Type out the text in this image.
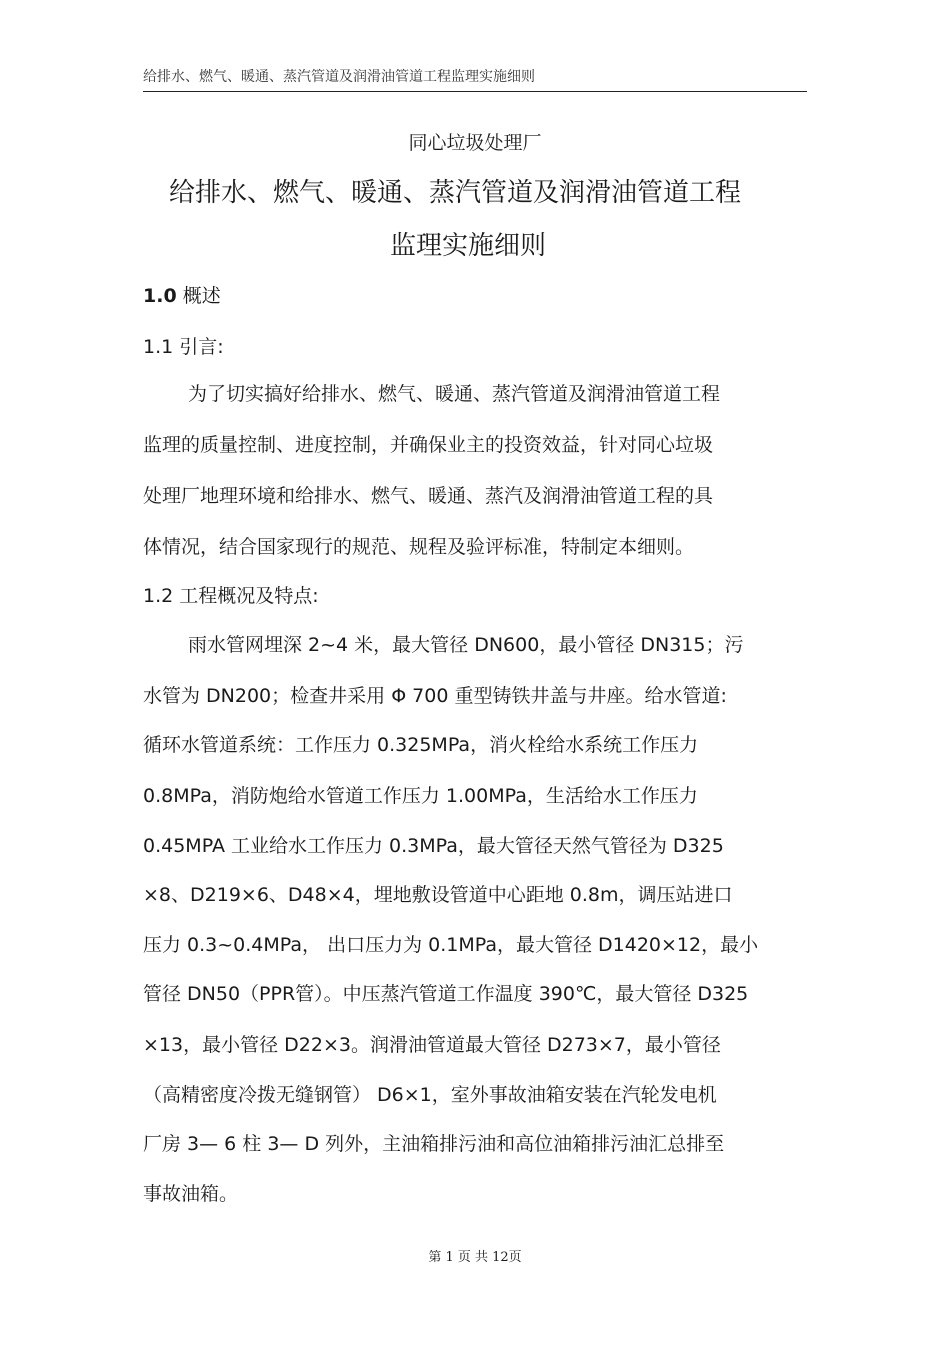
给排水、燃气、暖通、蒸汽管道及润滑油管道工程监理实施细则
同心垃圾处理厂
给排水、燃气、暖通、蒸汽管道及润滑油管道工程
监理实施细则
1.0 概述
1.1 引言:
为了切实搞好给排水、燃气、暖通、蒸汽管道及润滑油管道工程
监理的质量控制、进度控制，并确保业主的投资效益，针对同心垃圾
处理厂地理环境和给排水、燃气、暖通、蒸汽及润滑油管道工程的具
体情况，结合国家现行的规范、规程及验评标准，特制定本细则。
1.2 工程概况及特点:
雨水管网埋深 2~4 米，最大管径 DN600，最小管径 DN315；污
水管为 DN200；检查井采用 Φ 700 重型铸铁井盖与井座。给水管道:
循环水管道系统：工作压力 0.325MPa，消火栓给水系统工作压力
0.8MPa，消防炮给水管道工作压力 1.00MPa，生活给水工作压力
0.45MPA 工业给水工作压力 0.3MPa，最大管径天然气管径为 D325
×8、D219×6、D48×4，埋地敷设管道中心距地 0.8m，调压站进口
压力 0.3~0.4MPa， 出口压力为 0.1MPa，最大管径 D1420×12，最小
管径 DN50（PPR管）。中压蒸汽管道工作温度 390℃，最大管径 D325
×13，最小管径 D22×3。润滑油管道最大管径 D273×7，最小管径
（高精密度冷拨无缝钢管） D6×1，室外事故油箱安装在汽轮发电机
厂房 3— 6 柱 3— D 列外，主油箱排污油和高位油箱排污油汇总排至
事故油箱。
第 1 页 共 12页
